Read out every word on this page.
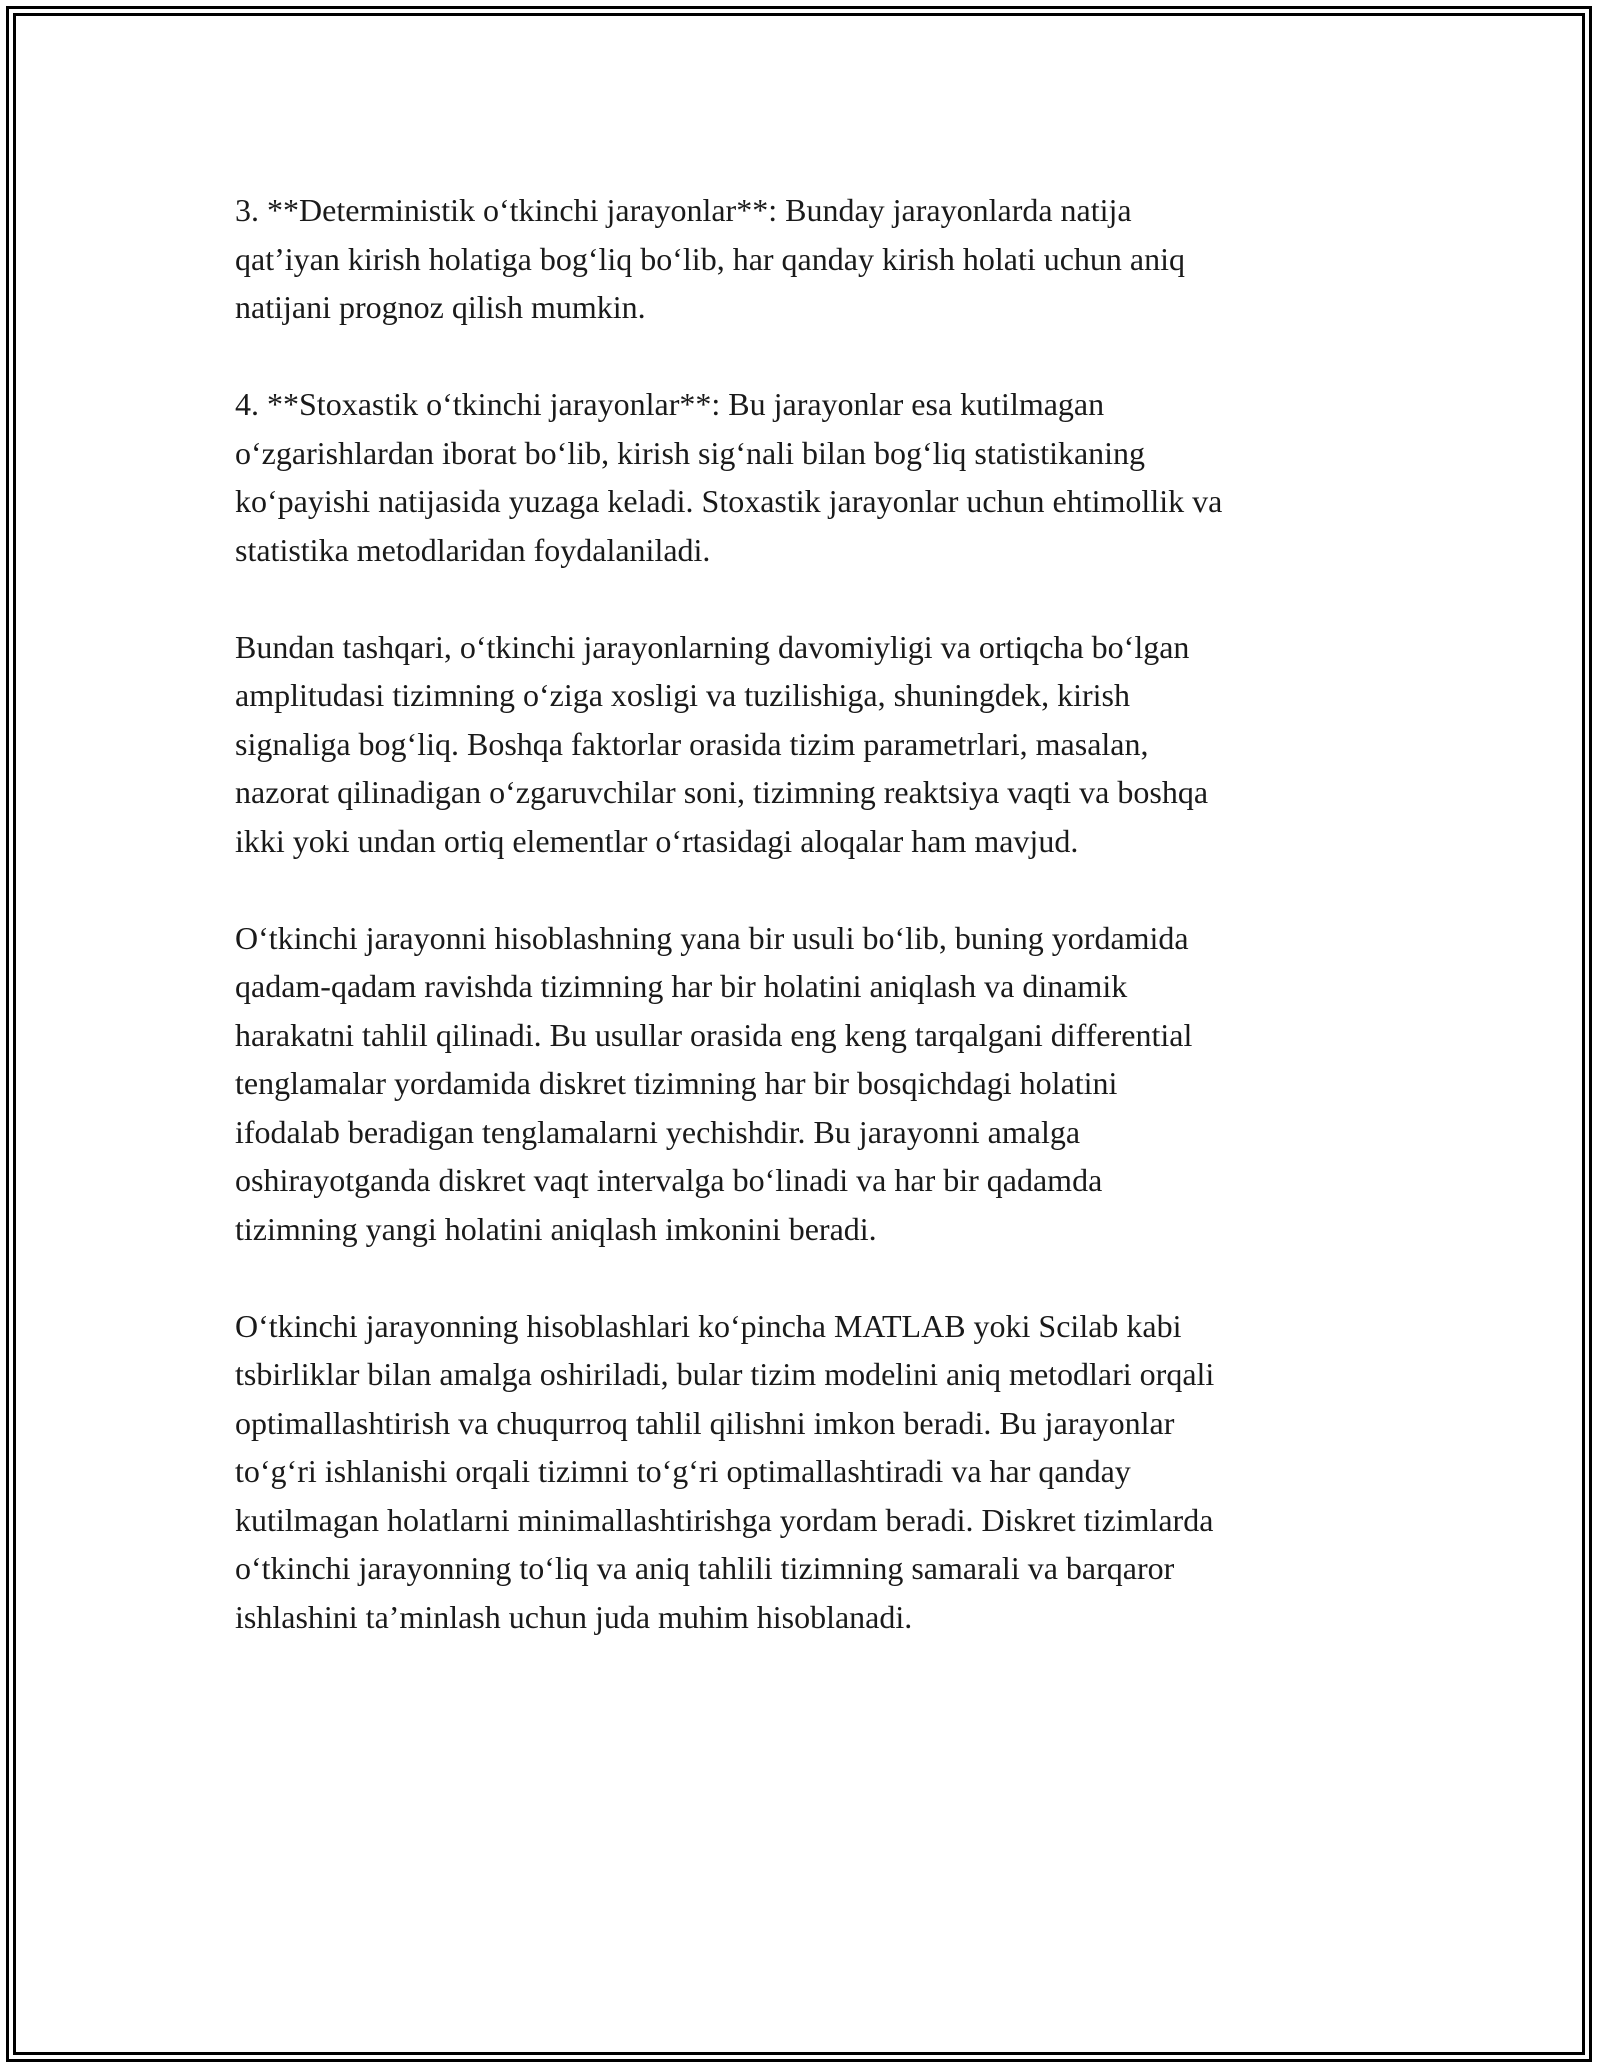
3. **Deterministik o‘tkinchi jarayonlar**: Bunday jarayonlarda natija
qat’iyan kirish holatiga bog‘liq bo‘lib, har qanday kirish holati uchun aniq
natijani prognoz qilish mumkin.

4. **Stoxastik o‘tkinchi jarayonlar**: Bu jarayonlar esa kutilmagan
o‘zgarishlardan iborat bo‘lib, kirish sig‘nali bilan bog‘liq statistikaning
ko‘payishi natijasida yuzaga keladi. Stoxastik jarayonlar uchun ehtimollik va
statistika metodlaridan foydalaniladi.

Bundan tashqari, o‘tkinchi jarayonlarning davomiyligi va ortiqcha bo‘lgan
amplitudasi tizimning o‘ziga xosligi va tuzilishiga, shuningdek, kirish
signaliga bog‘liq. Boshqa faktorlar orasida tizim parametrlari, masalan,
nazorat qilinadigan o‘zgaruvchilar soni, tizimning reaktsiya vaqti va boshqa
ikki yoki undan ortiq elementlar o‘rtasidagi aloqalar ham mavjud.

O‘tkinchi jarayonni hisoblashning yana bir usuli bo‘lib, buning yordamida
qadam-qadam ravishda tizimning har bir holatini aniqlash va dinamik
harakatni tahlil qilinadi. Bu usullar orasida eng keng tarqalgani differential
tenglamalar yordamida diskret tizimning har bir bosqichdagi holatini
ifodalab beradigan tenglamalarni yechishdir. Bu jarayonni amalga
oshirayotganda diskret vaqt intervalga bo‘linadi va har bir qadamda
tizimning yangi holatini aniqlash imkonini beradi.

O‘tkinchi jarayonning hisoblashlari ko‘pincha MATLAB yoki Scilab kabi
tsbirliklar bilan amalga oshiriladi, bular tizim modelini aniq metodlari orqali
optimallashtirish va chuqurroq tahlil qilishni imkon beradi. Bu jarayonlar
to‘g‘ri ishlanishi orqali tizimni to‘g‘ri optimallashtiradi va har qanday
kutilmagan holatlarni minimallashtirishga yordam beradi. Diskret tizimlarda
o‘tkinchi jarayonning to‘liq va aniq tahlili tizimning samarali va barqaror
ishlashini ta’minlash uchun juda muhim hisoblanadi.
